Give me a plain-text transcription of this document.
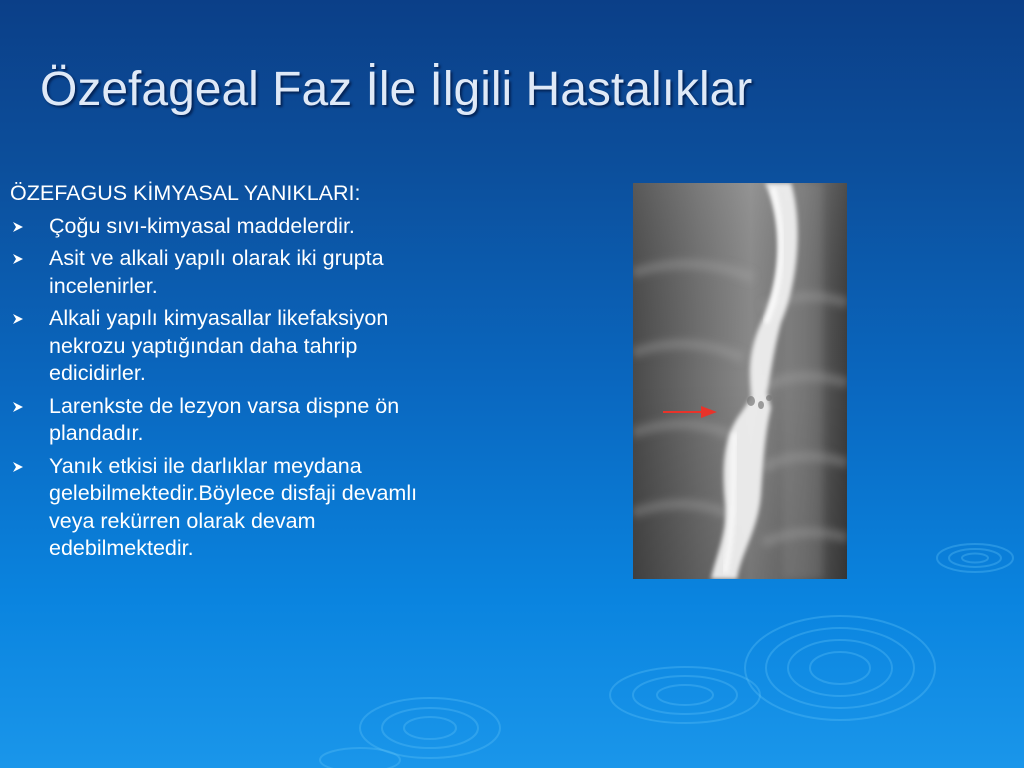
Özefageal Faz İle İlgili Hastalıklar
ÖZEFAGUS KİMYASAL YANIKLARI:
Çoğu sıvı-kimyasal maddelerdir.
Asit ve alkali yapılı olarak iki grupta incelenirler.
Alkali yapılı kimyasallar likefaksiyon nekrozu yaptığından daha tahrip edicidirler.
Larenkste de lezyon varsa dispne ön plandadır.
Yanık etkisi ile darlıklar meydana gelebilmektedir.Böylece disfaji devamlı veya rekürren olarak devam edebilmektedir.
